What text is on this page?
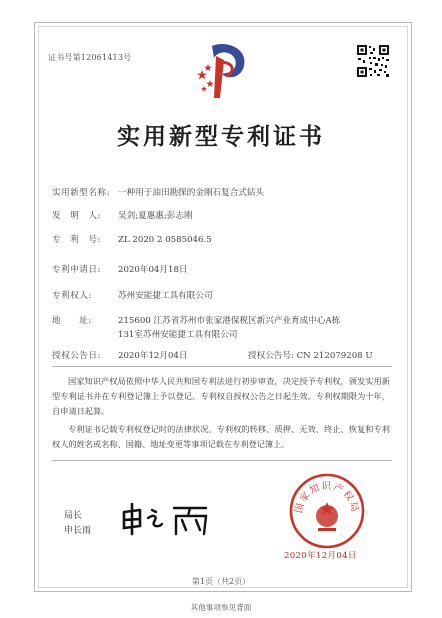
证书号第12061413号
实用新型专利证书
实用新型名称: 一种用于油田勘探的金刚石复合式钻头
发　明　人: 吴剑;夏惠惠;彭志刚
专　利　号: ZL 2020 2 0585046.5
专利申请日: 2020年04月18日
专利权人:	苏州安能捷工具有限公司
地　　址:	215600 江苏省苏州市张家港保税区新兴产业育成中心A栋
131室苏州安能捷工具有限公司
授权公告日: 2020年12月04日	授权公告号: CN 212079208 U
国家知识产权局依照中华人民共和国专利法进行初步审查，决定授予专利权，颁发实用新型专利证书并在专利登记簿上予以登记。专利权自授权公告之日起生效。专利权期限为十年，自申请日起算。
专利证书记载专利权登记时的法律状况。专利权的转移、质押、无效、终止、恢复和专利权人的姓名或名称、国籍、地址变更等事项记载在专利登记簿上。
局长
申长雨
国家知识产权局
2020年12月04日
第1页（共2页）
其他事项参见背面
